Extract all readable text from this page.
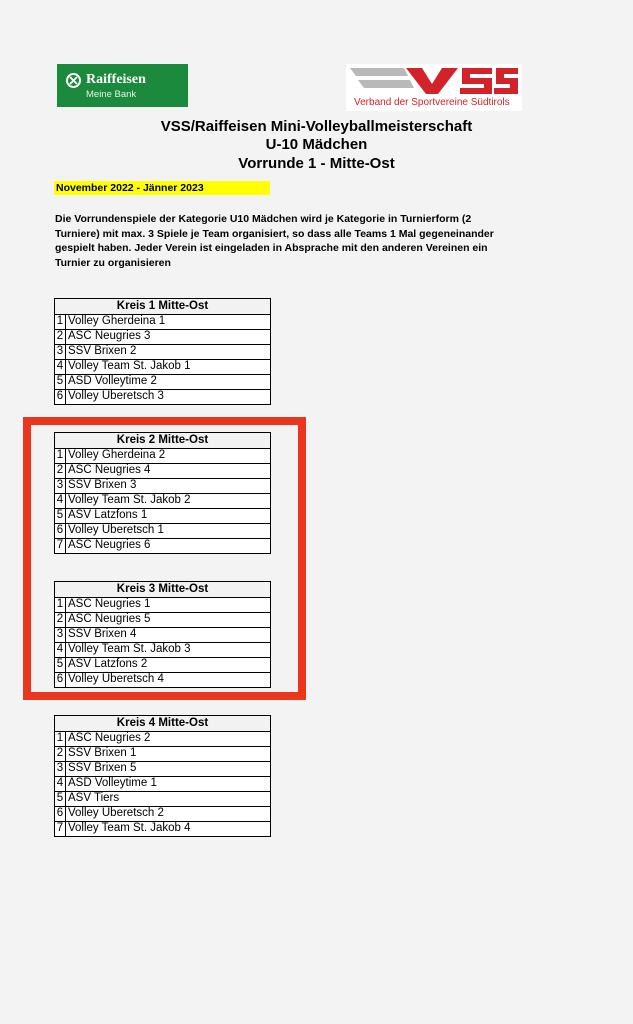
Raiffeisen
Meine Bank
Verband der Sportvereine Südtirols
VSS/Raiffeisen Mini-Volleyballmeisterschaft
U-10 Mädchen
Vorrunde 1 - Mitte-Ost
November 2022 - Jänner 2023
Die Vorrundenspiele der Kategorie U10 Mädchen wird je Kategorie in Turnierform (2
Turniere) mit max. 3 Spiele je Team organisiert, so dass alle Teams 1 Mal gegeneinander
gespielt haben. Jeder Verein ist eingeladen in Absprache mit den anderen Vereinen ein
Turnier zu organisieren
Kreis 1 Mitte-Ost	
1	Volley Gherdeina 1
2	ASC Neugries 3
3	SSV Brixen 2
4	Volley Team St. Jakob 1
5	ASD Volleytime 2
6	Volley Überetsch 3
Kreis 2 Mitte-Ost	
1	Volley Gherdeina 2
2	ASC Neugries 4
3	SSV Brixen 3
4	Volley Team St. Jakob 2
5	ASV Latzfons 1
6	Volley Überetsch 1
7	ASC Neugries 6
Kreis 3 Mitte-Ost	
1	ASC Neugries 1
2	ASC Neugries 5
3	SSV Brixen 4
4	Volley Team St. Jakob 3
5	ASV Latzfons 2
6	Volley Überetsch 4
Kreis 4 Mitte-Ost	
1	ASC Neugries 2
2	SSV Brixen 1
3	SSV Brixen 5
4	ASD Volleytime 1
5	ASV Tiers
6	Volley Überetsch 2
7	Volley Team St. Jakob 4
